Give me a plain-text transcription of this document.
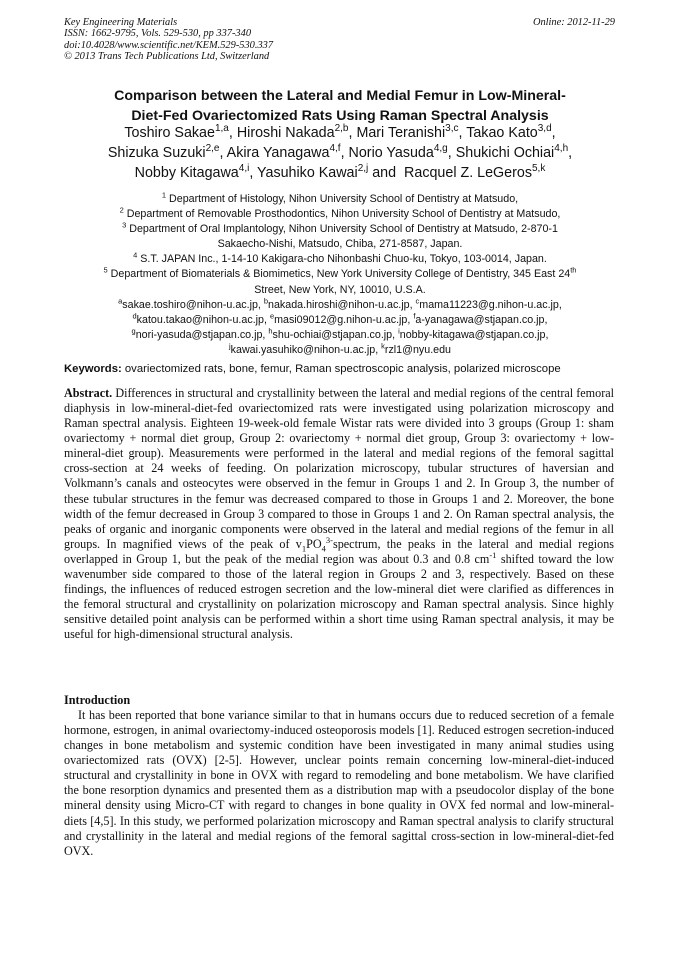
Key Engineering Materials
ISSN: 1662-9795, Vols. 529-530, pp 337-340
doi:10.4028/www.scientific.net/KEM.529-530.337
© 2013 Trans Tech Publications Ltd, Switzerland
Online: 2012-11-29
Comparison between the Lateral and Medial Femur in Low-Mineral-
Diet-Fed Ovariectomized Rats Using Raman Spectral Analysis
Toshiro Sakae$^{1,a}$, Hiroshi Nakada$^{2,b}$, Mari Teranishi$^{3,c}$, Takao Kato$^{3,d}$,
Shizuka Suzuki$^{2,e}$, Akira Yanagawa$^{4,f}$, Norio Yasuda$^{4,g}$, Shukichi Ochiai$^{4,h}$,
Nobby Kitagawa$^{4,i}$, Yasuhiko Kawai$^{2,j}$ and  Racquel Z. LeGeros$^{5,k}$
$^1$ Department of Histology, Nihon University School of Dentistry at Matsudo,
$^2$ Department of Removable Prosthodontics, Nihon University School of Dentistry at Matsudo,
$^3$ Department of Oral Implantology, Nihon University School of Dentistry at Matsudo, 2-870-1
Sakaecho-Nishi, Matsudo, Chiba, 271-8587, Japan.
$^4$ S.T. JAPAN Inc., 1-14-10 Kakigara-cho Nihonbashi Chuo-ku, Tokyo, 103-0014, Japan.
$^5$ Department of Biomaterials & Biomimetics, New York University College of Dentistry, 345 East 24th
Street, New York, NY, 10010, U.S.A.
$^a$sakae.toshiro@nihon-u.ac.jp, $^b$nakada.hiroshi@nihon-u.ac.jp, $^c$mama11223@g.nihon-u.ac.jp,
$^d$katou.takao@nihon-u.ac.jp, $^e$masi09012@g.nihon-u.ac.jp, $^f$a-yanagawa@stjapan.co.jp,
$^g$nori-yasuda@stjapan.co.jp, $^h$shu-ochiai@stjapan.co.jp, $^i$nobby-kitagawa@stjapan.co.jp,
$^j$kawai.yasuhiko@nihon-u.ac.jp, $^k$rzl1@nyu.edu
Keywords: ovariectomized rats, bone, femur, Raman spectroscopic analysis, polarized microscope
Abstract. Differences in structural and crystallinity between the lateral and medial regions of the central femoral diaphysis in low-mineral-diet-fed ovariectomized rats were investigated using polarization microscopy and Raman spectral analysis. Eighteen 19-week-old female Wistar rats were divided into 3 groups (Group 1: sham ovariectomy + normal diet group, Group 2: ovariectomy + normal diet group, Group 3: ovariectomy + low-mineral-diet group). Measurements were performed in the lateral and medial regions of the femoral sagittal cross-section at 24 weeks of feeding. On polarization microscopy, tubular structures of haversian and Volkmann’s canals and osteocytes were observed in the femur in Groups 1 and 2. In Group 3, the number of these tubular structures in the femur was decreased compared to those in Groups 1 and 2. Moreover, the bone width of the femur decreased in Group 3 compared to those in Groups 1 and 2. On Raman spectral analysis, the peaks of organic and inorganic components were observed in the lateral and medial regions of the femur in all groups. In magnified views of the peak of $v_1PO_4^{3-}spectrum$, the peaks in the lateral and medial regions overlapped in Group 1, but the peak of the medial region was about 0.3 and 0.8 $cm^{-1}$ shifted toward the low wavenumber side compared to those of the lateral region in Groups 2 and 3, respectively. Based on these findings, the influences of reduced estrogen secretion and the low-mineral diet were clarified as differences in the femoral structural and crystallinity on polarization microscopy and Raman spectral analysis. Since highly sensitive detailed point analysis can be performed within a short time using Raman spectral analysis, it may be useful for high-dimensional structural analysis.
Introduction
It has been reported that bone variance similar to that in humans occurs due to reduced secretion of a female hormone, estrogen, in animal ovariectomy-induced osteoporosis models [1]. Reduced estrogen secretion-induced changes in bone metabolism and systemic condition have been investigated in many animal studies using ovariectomized rats (OVX) [2-5]. However, unclear points remain concerning low-mineral-diet-induced structural and crystallinity in bone in OVX with regard to remodeling and bone metabolism. We have clarified the bone resorption dynamics and presented them as a distribution map with a pseudocolor display of the bone mineral density using Micro-CT with regard to changes in bone quality in OVX fed normal and low-mineral-diets [4,5]. In this study, we performed polarization microscopy and Raman spectral analysis to clarify structural and crystallinity in the lateral and medial regions of the femoral sagittal cross-section in low-mineral-diet-fed OVX.
